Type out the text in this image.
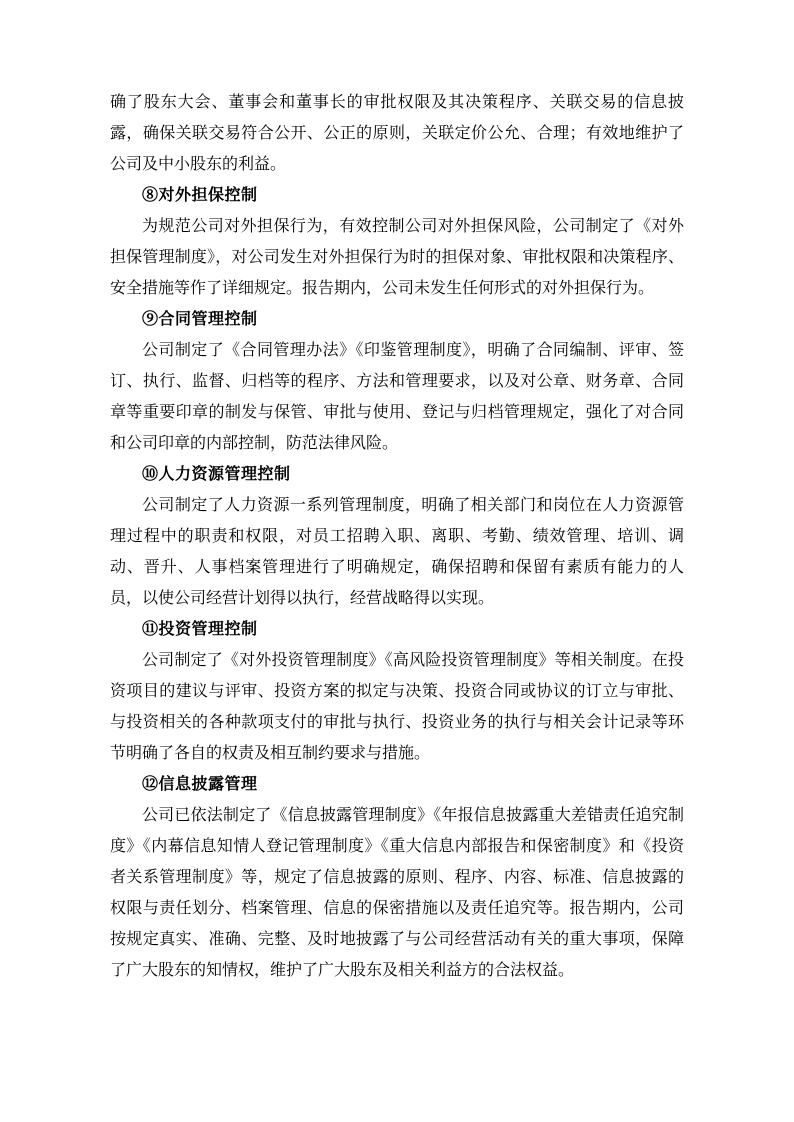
确了股东大会、董事会和董事长的审批权限及其决策程序、关联交易的信息披露，确保关联交易符合公开、公正的原则，关联定价公允、合理；有效地维护了公司及中小股东的利益。

⑧对外担保控制

为规范公司对外担保行为，有效控制公司对外担保风险，公司制定了《对外担保管理制度》，对公司发生对外担保行为时的担保对象、审批权限和决策程序、安全措施等作了详细规定。报告期内，公司未发生任何形式的对外担保行为。

⑨合同管理控制

公司制定了《合同管理办法》《印鉴管理制度》，明确了合同编制、评审、签订、执行、监督、归档等的程序、方法和管理要求，以及对公章、财务章、合同章等重要印章的制发与保管、审批与使用、登记与归档管理规定，强化了对合同和公司印章的内部控制，防范法律风险。

⑩人力资源管理控制

公司制定了人力资源一系列管理制度，明确了相关部门和岗位在人力资源管理过程中的职责和权限，对员工招聘入职、离职、考勤、绩效管理、培训、调动、晋升、人事档案管理进行了明确规定，确保招聘和保留有素质有能力的人员，以使公司经营计划得以执行，经营战略得以实现。

⑪投资管理控制

公司制定了《对外投资管理制度》《高风险投资管理制度》等相关制度。在投资项目的建议与评审、投资方案的拟定与决策、投资合同或协议的订立与审批、与投资相关的各种款项支付的审批与执行、投资业务的执行与相关会计记录等环节明确了各自的权责及相互制约要求与措施。

⑫信息披露管理

公司已依法制定了《信息披露管理制度》《年报信息披露重大差错责任追究制度》《内幕信息知情人登记管理制度》《重大信息内部报告和保密制度》和《投资者关系管理制度》等，规定了信息披露的原则、程序、内容、标准、信息披露的权限与责任划分、档案管理、信息的保密措施以及责任追究等。报告期内，公司按规定真实、准确、完整、及时地披露了与公司经营活动有关的重大事项，保障了广大股东的知情权，维护了广大股东及相关利益方的合法权益。
